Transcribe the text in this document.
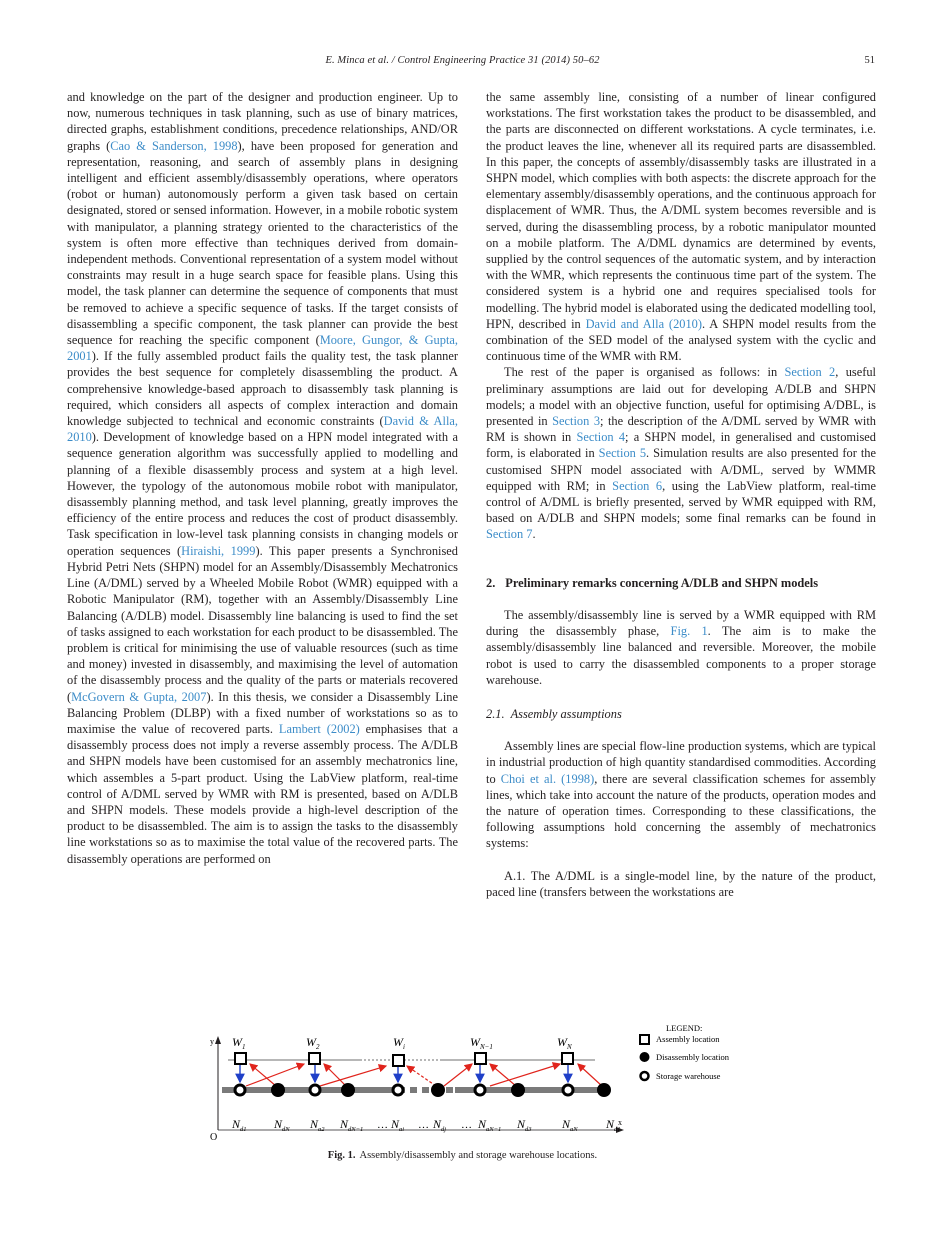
E. Minca et al. / Control Engineering Practice 31 (2014) 50–62	51

and knowledge on the part of the designer and production engineer. Up to now, numerous techniques in task planning, such as use of binary matrices, directed graphs, establishment conditions, precedence relationships, AND/OR graphs (Cao & Sanderson, 1998), have been proposed for generation and representation, reasoning, and search of assembly plans in designing intelligent and efficient assembly/disassembly operations, where operators (robot or human) autonomously perform a given task based on certain designated, stored or sensed information. However, in a mobile robotic system with manipulator, a planning strategy oriented to the characteristics of the system is often more effective than techniques derived from domain-independent methods. Conventional representation of a system model without constraints may result in a huge search space for feasible plans. Using this model, the task planner can determine the sequence of components that must be removed to achieve a specific sequence of tasks. If the target consists of disassembling a specific component, the task planner can provide the best sequence for reaching the specific component (Moore, Gungor, & Gupta, 2001). If the fully assembled product fails the quality test, the task planner provides the best sequence for completely disassembling the product. A comprehensive knowledge-based approach to disassembly task planning is required, which considers all aspects of complex interaction and domain knowledge subjected to technical and economic constraints (David & Alla, 2010). Development of knowledge based on a HPN model integrated with a sequence generation algorithm was successfully applied to modelling and planning of a flexible disassembly process and system at a high level. However, the typology of the autonomous mobile robot with manipulator, disassembly planning method, and task level planning, greatly improves the efficiency of the entire process and reduces the cost of product disassembly. Task specification in low-level task planning consists in changing models or operation sequences (Hiraishi, 1999). This paper presents a Synchronised Hybrid Petri Nets (SHPN) model for an Assembly/Disassembly Mechatronics Line (A/DML) served by a Wheeled Mobile Robot (WMR) equipped with a Robotic Manipulator (RM), together with an Assembly/Disassembly Line Balancing (A/DLB) model. Disassembly line balancing is used to find the set of tasks assigned to each workstation for each product to be disassembled. The problem is critical for minimising the use of valuable resources (such as time and money) invested in disassembly, and maximising the level of automation of the disassembly process and the quality of the parts or materials recovered (McGovern & Gupta, 2007). In this thesis, we consider a Disassembly Line Balancing Problem (DLBP) with a fixed number of workstations so as to maximise the value of recovered parts. Lambert (2002) emphasises that a disassembly process does not imply a reverse assembly process. The A/DLB and SHPN models have been customised for an assembly mechatronics line, which assembles a 5-part product. Using the LabView platform, real-time control of A/DML served by WMR with RM is presented, based on A/DLB and SHPN models. These models provide a high-level description of the product to be disassembled. The aim is to assign the tasks to the disassembly line workstations so as to maximise the total value of the recovered parts. The disassembly operations are performed on

the same assembly line, consisting of a number of linear configured workstations. The first workstation takes the product to be disassembled, and the parts are disconnected on different workstations. A cycle terminates, i.e. the product leaves the line, whenever all its required parts are disassembled. In this paper, the concepts of assembly/disassembly tasks are illustrated in a SHPN model, which complies with both aspects: the discrete approach for the elementary assembly/disassembly operations, and the continuous approach for displacement of WMR. Thus, the A/DML system becomes reversible and is served, during the disassembling process, by a robotic manipulator mounted on a mobile platform. The A/DML dynamics are determined by events, supplied by the control sequences of the automatic system, and by interaction with the WMR, which represents the continuous time part of the system. The considered system is a hybrid one and requires specialised tools for modelling. The hybrid model is elaborated using the dedicated modelling tool, HPN, described in David and Alla (2010). A SHPN model results from the combination of the SED model of the analysed system with the cyclic and continuous time of the WMR with RM.

The rest of the paper is organised as follows: in Section 2, useful preliminary assumptions are laid out for developing A/DLB and SHPN models; a model with an objective function, useful for optimising A/DBL, is presented in Section 3; the description of the A/DML served by WMR with RM is shown in Section 4; a SHPN model, in generalised and customised form, is elaborated in Section 5. Simulation results are also presented for the customised SHPN model associated with A/DML, served by WMMR equipped with RM; in Section 6, using the LabView platform, real-time control of A/DML is briefly presented, served by WMR equipped with RM, based on A/DLB and SHPN models; some final remarks can be found in Section 7.

2. Preliminary remarks concerning A/DLB and SHPN models

The assembly/disassembly line is served by a WMR equipped with RM during the disassembly phase, Fig. 1. The aim is to make the assembly/disassembly line balanced and reversible. Moreover, the mobile robot is used to carry the disassembled components to a proper storage warehouse.

2.1. Assembly assumptions

Assembly lines are special flow-line production systems, which are typical in industrial production of high quantity standardised commodities. According to Choi et al. (1998), there are several classification schemes for assembly lines, which take into account the nature of the products, operation modes and the nature of operation times. Corresponding to these classifications, the following assumptions hold concerning the assembly of mechatronics systems:

A.1. The A/DML is a single-model line, by the nature of the product, paced line (transfers between the workstations are

y
x
O
$W_1$	$W_2$	$W_i$	$W_{N-1}$	$W_N$
$N_{d1}$ $N_{dN}$ $N_{a2}$ $N_{dN-1}$ … $N_{ai}$ … $N_{dj}$ … $N_{aN-1}$ $N_{d3}$	$N_{aN}$ $N_{d1}$
LEGEND:
Assembly location
Disassembly location
Storage warehouse
Fig. 1. Assembly/disassembly and storage warehouse locations.
